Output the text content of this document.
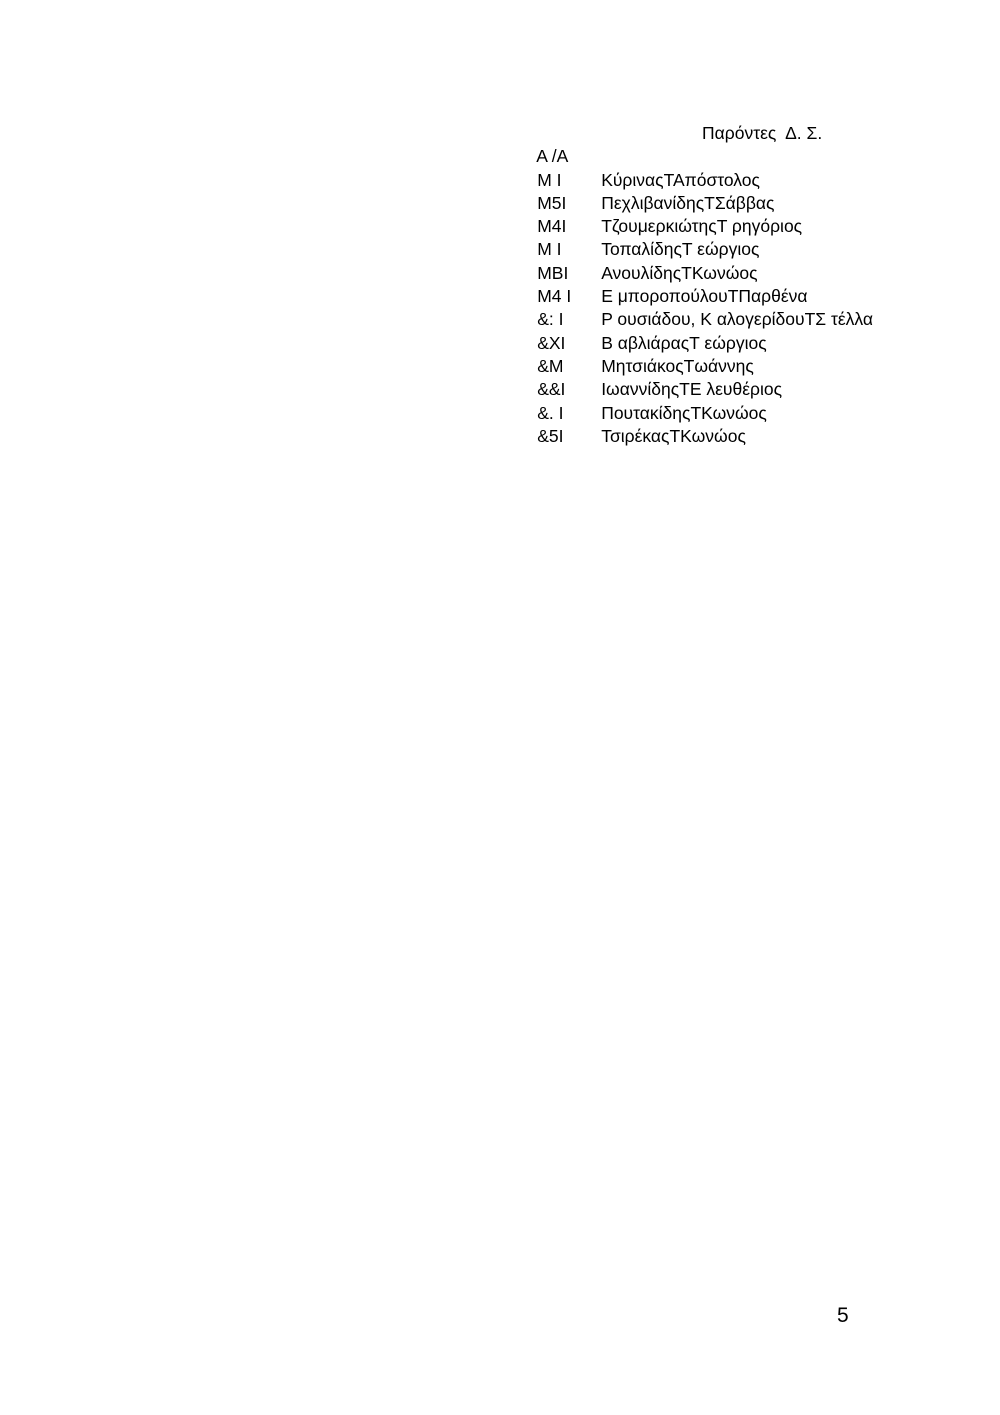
Α /Α

Παρόντες  Δ. Σ.

M I ΚύριναςΤΑπόστολος

M5I ΠεχλιβανίδηςΤΣάββας

M4I ΤζουμερκιώτηςΤ ρηγόριος

M I ΤοπαλίδηςΤ εώργιος

MBI ΑνουλίδηςΤΚωνώος

M4 I Ε μποροπούλουΤΠαρθένα

&: I Ρ ουσιάδου, Κ αλογερίδουΤΣ τέλλα

&XI Β αβλιάραςΤ εώργιος

&M ΜητσιάκοςΤωάννης

&&I ΙωαννίδηςΤΕ λευθέριος

&. I ΠουτακίδηςΤΚωνώος

&5I ΤσιρέκαςΤΚωνώος

5
